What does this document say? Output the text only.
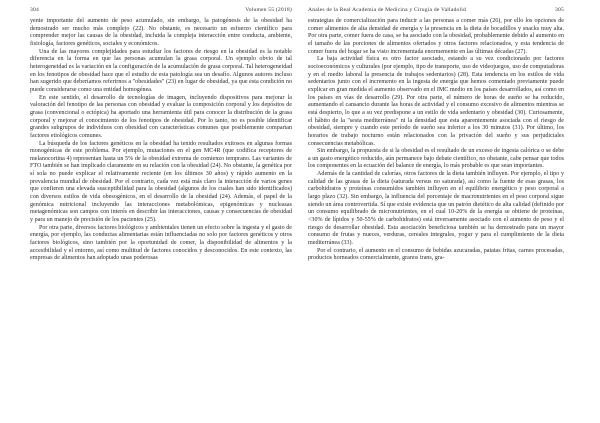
304	Volumen 55 (2018)

yente importante del aumento de peso acumulado, sin embargo, la patogénesis de la obesidad ha demostrado ser mucho más complejo (22). No obstante, es necesario un esfuerzo científico para comprender mejor las causas de la obesidad, incluida la compleja interacción entre conducta, ambiente, fisiología, factores genéticos, sociales y económicos.

Una de las mayores complejidades para estudiar los factores de riesgo en la obesidad es la notable diferencia en la forma en que las personas acumulan la grasa corporal. Un ejemplo obvio de tal heterogeneidad es la variación en la configuración de la acumulación de grasa corporal. Tal heterogeneidad en los fenotipos de obesidad hace que el estudio de esta patología sea un desafío. Algunos autores incluso han sugerido que deberíamos referirnos a "obesidades" (23) en lugar de obesidad, ya que esta condición no puede considerarse como una entidad homogénea.

En este sentido, el desarrollo de tecnologías de imagen, incluyendo dispositivos para mejorar la valoración del fenotipo de las personas con obesidad y evaluar la composición corporal y los depósitos de grasa (convencional o ectópica) ha aportado una herramienta útil para conocer la distribución de la grasa corporal y mejorar el conocimiento de los fenotipos de obesidad. Por lo tanto, no es posible identificar grandes subgrupos de individuos con obesidad con características comunes que posiblemente compartan factores etiológicos comunes.

La búsqueda de los factores genéticos en la obesidad ha tenido resultados exitosos en algunas formas monogénicas de este problema. Por ejemplo, mutaciones en el gen MC4R (que codifica receptores de melanocortina 4) representan hasta un 5% de la obesidad extrema de comienzo temprano. Las variantes de FTO también se han implicado claramente en su relación con la obesidad (24). No obstante, la genética por sí sola no puede explicar el relativamente reciente (en los últimos 30 años) y rápido aumento en la prevalencia mundial de obesidad. Por el contrario, cada vez está más claro la interacción de varios genes que confieren una elevada susceptibilidad para la obesidad (algunos de los cuales han sido identificados) con diversos estilos de vida obesogénicos, en el desarrollo de la obesidad (24). Además, el papel de la genómica nutricional incluyendo las interacciones metabolómicas, epigenómicas y nucleasas metagenómicas son campos con interés en describir las interacciones, causas y consecuencias de obesidad y para un manejo de precisión de los pacientes (25).

Por otra parte, diversos factores biológicos y ambientales tienen un efecto sobre la ingesta y el gasto de energía, por ejemplo, las conductas alimentarias están influenciadas no solo por factores genéticos y otros factores biológicos, sino también por la oportunidad de comer, la disponibilidad de alimentos y la accesibilidad y el entorno, así como multitud de factores conocidos y desconocidos. En este contexto, las empresas de alimentos han adoptado unas poderosas

Anales de la Real Academia de Medicina y Cirugía de Valladolid	305

estrategias de comercialización para inducir a las personas a comer más (26), por ello los opciones de comer alimentos de alta densidad de energía y la presencia en la dieta de bocadillos y snacks muy alta. Por otra parte, comer fuera de casa, se ha asociado con la obesidad, probablemente debido al aumento en el tamaño de las porciones de alimentos ofertados y otros factores relacionados, y esta tendencia de comer fuera del hogar se ha visto incrementada enormemente en las últimas décadas (27).

La baja actividad física es otro factor asociado, estando a su vez condicionado por factores socioeconómicos y culturales (por ejemplo, tipo de transporte, uso de videojuegos, uso de computadoras y en el medio laboral la presencia de trabajos sedentarios) (28). Esta tendencia en los estilos de vida sedentarios junto con el incremento en la ingesta de energía que hemos comentado previamente puede explicar en gran medida el aumento observado en el IMC medio en los países desarrollados, así como en los países en vías de desarrollo (29). Por otra parte, el número de horas de sueño se ha reducido, aumentando el cansancio durante las horas de actividad y el consumo excesivo de alimentos mientras se está despierto, lo que a su vez predispone a un estilo de vida sedentario y obesidad (30). Curiosamente, el hábito de la "sesta mediterránea" ni la densidad que esta aparentemente asociada con el riesgo de obesidad, siempre y cuando este período de sueño sea inferior a los 30 minutos (31). Por último, los horarios de trabajo nocturno están relacionados con la privación del sueño y sus perjudiciales consecuencias metabólicas.

Sin embargo, la propuesta de si la obesidad es el resultado de un exceso de ingesta calórica o se debe a un gasto energético reducido, aún permanece bajo debate científico, no obstante, cabe pensar que todos los componentes en la ecuación del balance de energía, lo más probable es que sean importantes.

Además de la cantidad de calorías, otros factores de la dieta también influyen. Por ejemplo, el tipo y calidad de las grasas de la dieta (saturada versus no saturada), así como la fuente de esas grasas, los carbohidratos y proteínas consumidos también influyen en el equilibrio energético y peso corporal a largo plazo (32). Sin embargo, la influencia del porcentaje de macronutrientes en el peso corporal sigue siendo un área controvertida. Sí que existe evidencia que un patrón dietético de alta calidad (definido por un consumo equilibrado de micronutrientes, en el cual 10-20% de la energía se obtiene de proteínas, <30% de lípidos y 50-55% de carbohidratos) está inversamente asociado con el aumento de peso y el riesgo de desarrollar obesidad. Esta asociación beneficiosa también se ha demostrado para un mayor consumo de frutas y nueces, verduras, cereales integrales, yogur y para el cumplimiento de la dieta mediterránea (33).

Por el contrario, el aumento en el consumo de bebidas azucaradas, patatas fritas, carnes procesadas, productos horneados comercialmente, granos trans, gra-
